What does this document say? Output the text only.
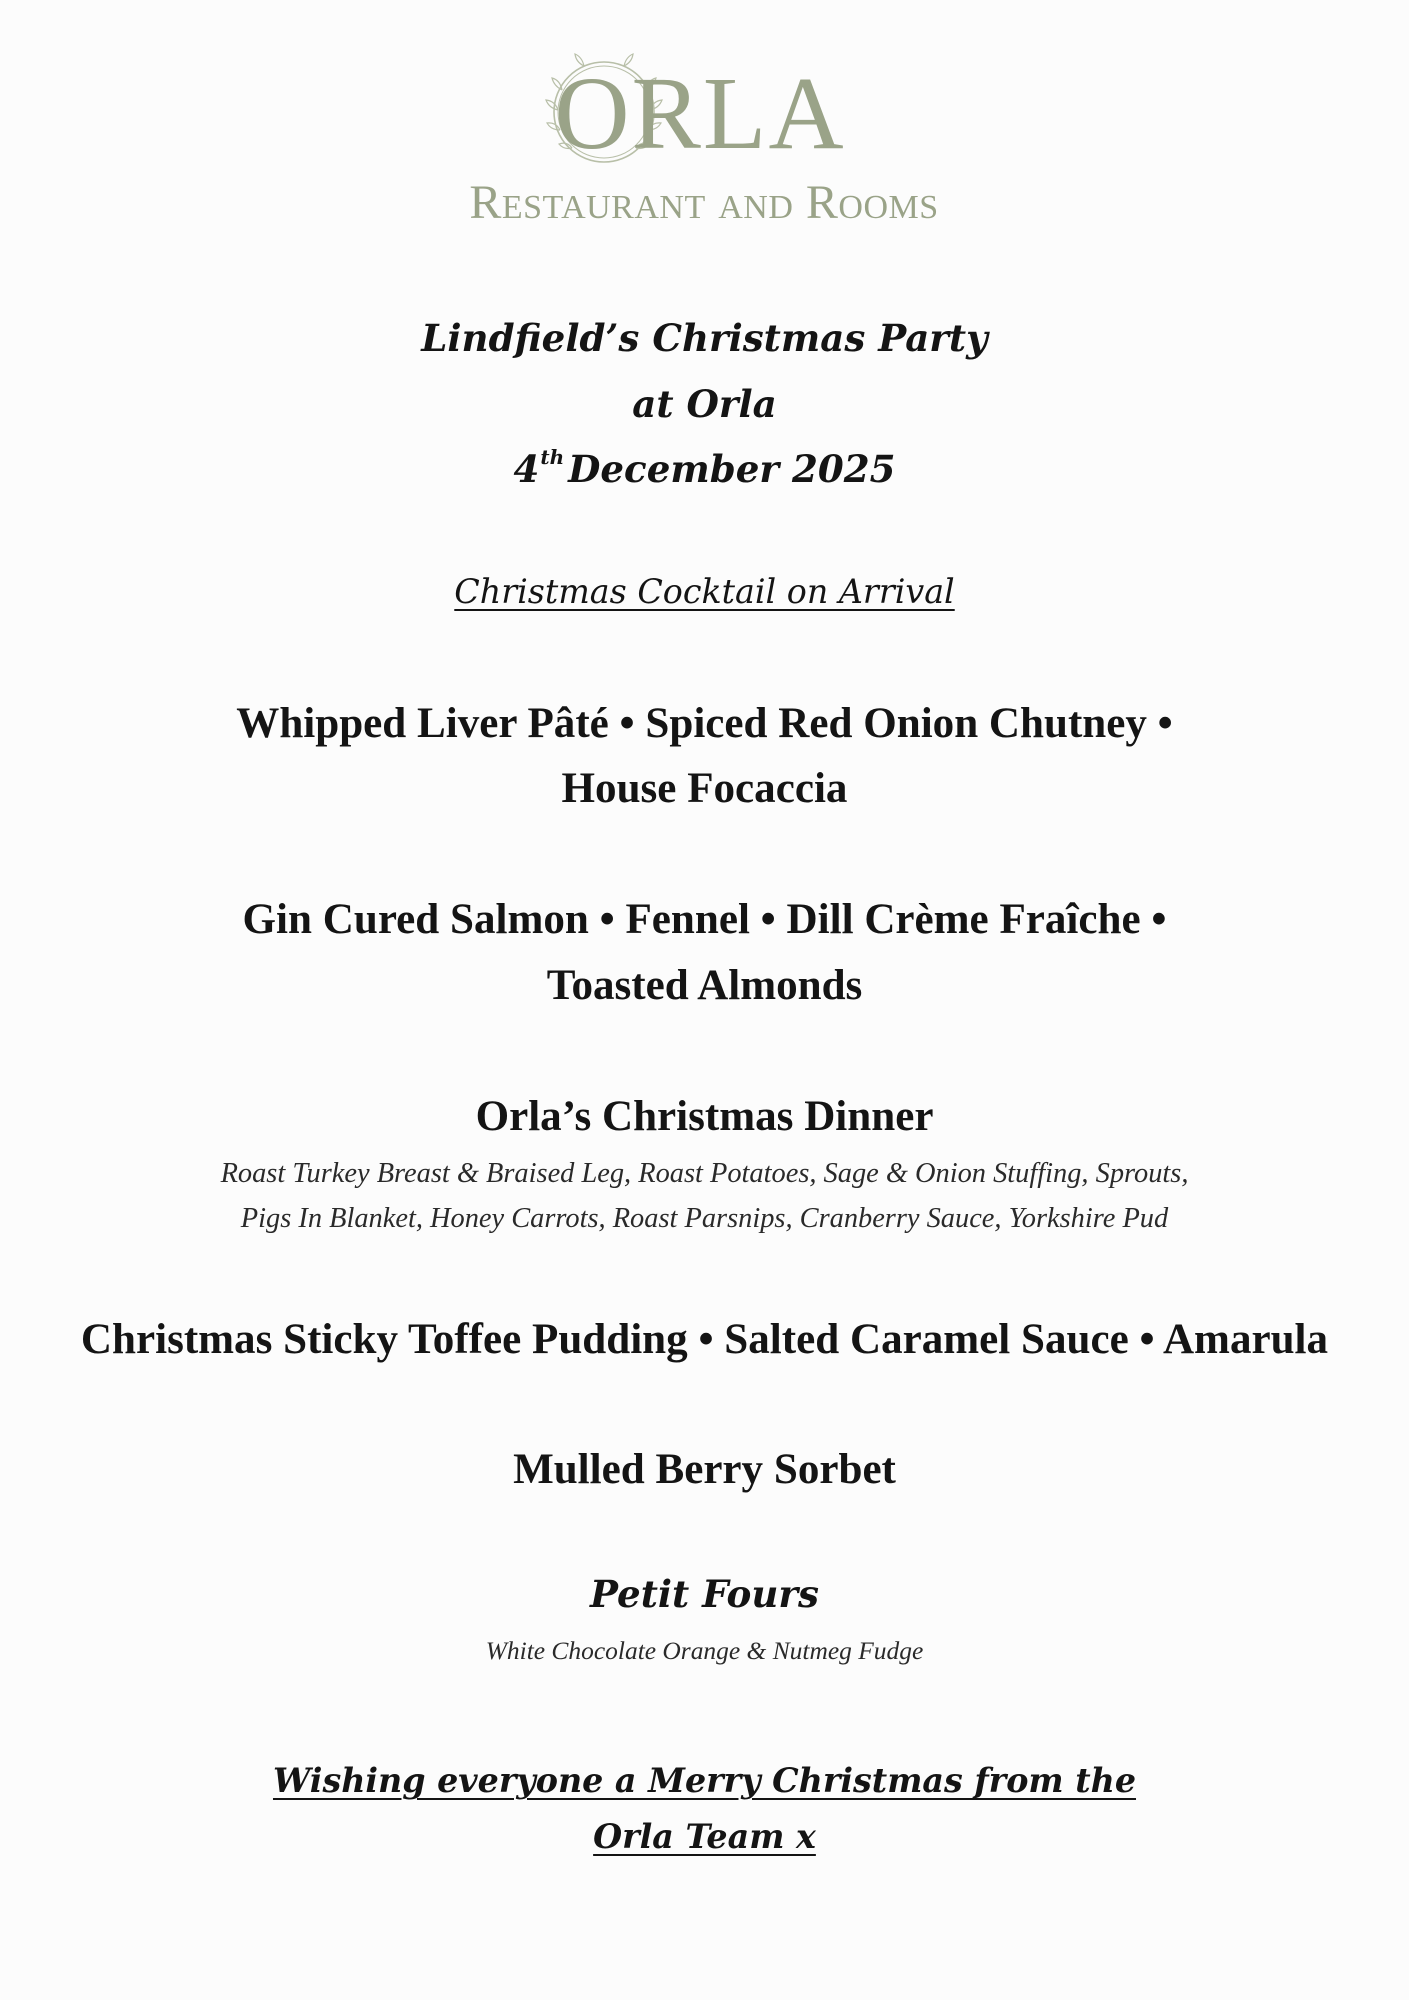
ORLA
Restaurant and Rooms
Lindfield’s Christmas Party
at Orla
4th December 2025
Christmas Cocktail on Arrival
Whipped Liver Pâté • Spiced Red Onion Chutney •
House Focaccia
Gin Cured Salmon • Fennel • Dill Crème Fraîche •
Toasted Almonds
Orla’s Christmas Dinner
Roast Turkey Breast & Braised Leg, Roast Potatoes, Sage & Onion Stuffing, Sprouts,
Pigs In Blanket, Honey Carrots, Roast Parsnips, Cranberry Sauce, Yorkshire Pud
Christmas Sticky Toffee Pudding • Salted Caramel Sauce • Amarula
Mulled Berry Sorbet
Petit Fours
White Chocolate Orange & Nutmeg Fudge
Wishing everyone a Merry Christmas from the
Orla Team x
